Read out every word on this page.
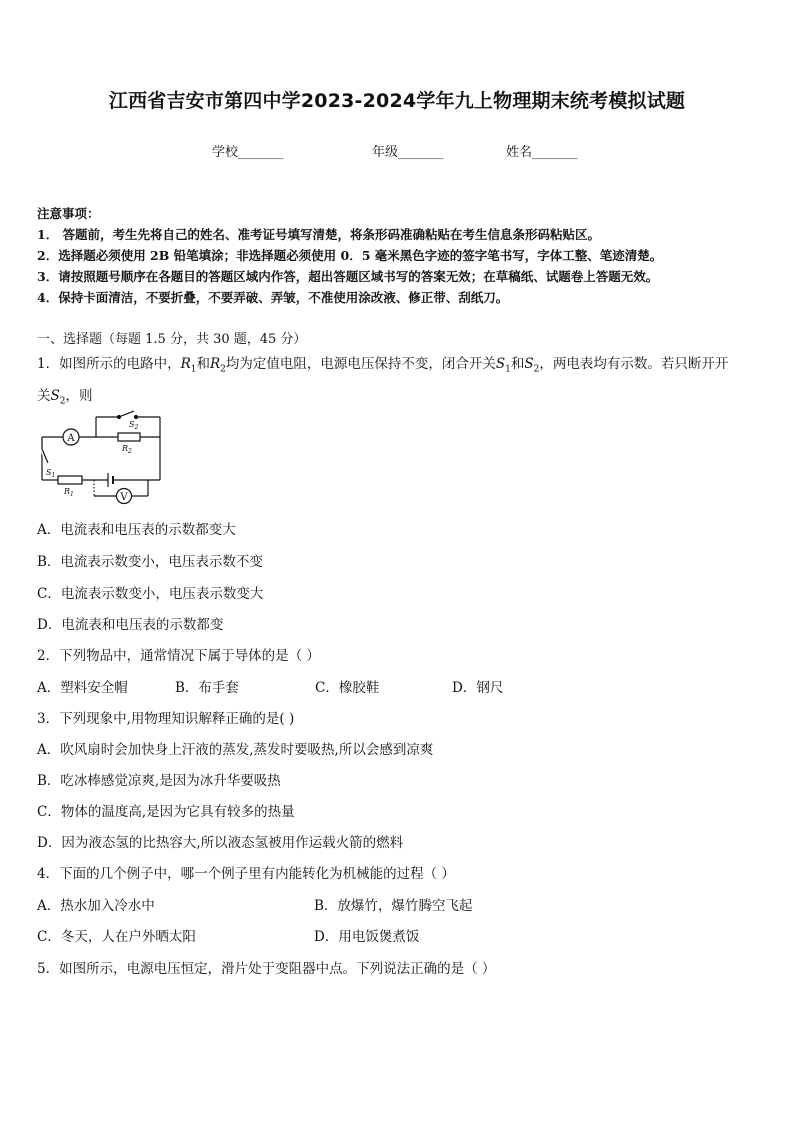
江西省吉安市第四中学2023-2024学年九上物理期末统考模拟试题
学校_______	年级_______	姓名_______
注意事项：
1． 答题前，考生先将自己的姓名、准考证号填写清楚，将条形码准确粘贴在考生信息条形码粘贴区。
2．选择题必须使用 2B 铅笔填涂；非选择题必须使用 0．5 毫米黑色字迹的签字笔书写，字体工整、笔迹清楚。
3．请按照题号顺序在各题目的答题区域内作答，超出答题区域书写的答案无效；在草稿纸、试题卷上答题无效。
4．保持卡面清洁，不要折叠，不要弄破、弄皱，不准使用涂改液、修正带、刮纸刀。
一、选择题（每题 1.5 分，共 30 题，45 分）
1．如图所示的电路中，$R_1$和$R_2$均为定值电阻，电源电压保持不变，闭合开关$S_1$和$S_2$，两电表均有示数。若只断开开
关$S_2$，则
A
$S_2$
$R_2$
$S_1$
$R_1$	V
A．电流表和电压表的示数都变大
B．电流表示数变小，电压表示数不变
C．电流表示数变小，电压表示数变大
D．电流表和电压表的示数都变
2．下列物品中，通常情况下属于导体的是（ ）
A．塑料安全帽	B．布手套	C．橡胶鞋	D．钢尺
3．下列现象中,用物理知识解释正确的是( )
A．吹风扇时会加快身上汗液的蒸发,蒸发时要吸热,所以会感到凉爽
B．吃冰棒感觉凉爽,是因为冰升华要吸热
C．物体的温度高,是因为它具有较多的热量
D．因为液态氢的比热容大,所以液态氢被用作运载火箭的燃料
4．下面的几个例子中，哪一个例子里有内能转化为机械能的过程（ ）
A．热水加入冷水中	B．放爆竹，爆竹腾空飞起
C．冬天，人在户外晒太阳	D．用电饭煲煮饭
5．如图所示，电源电压恒定，滑片处于变阻器中点。下列说法正确的是（ ）
